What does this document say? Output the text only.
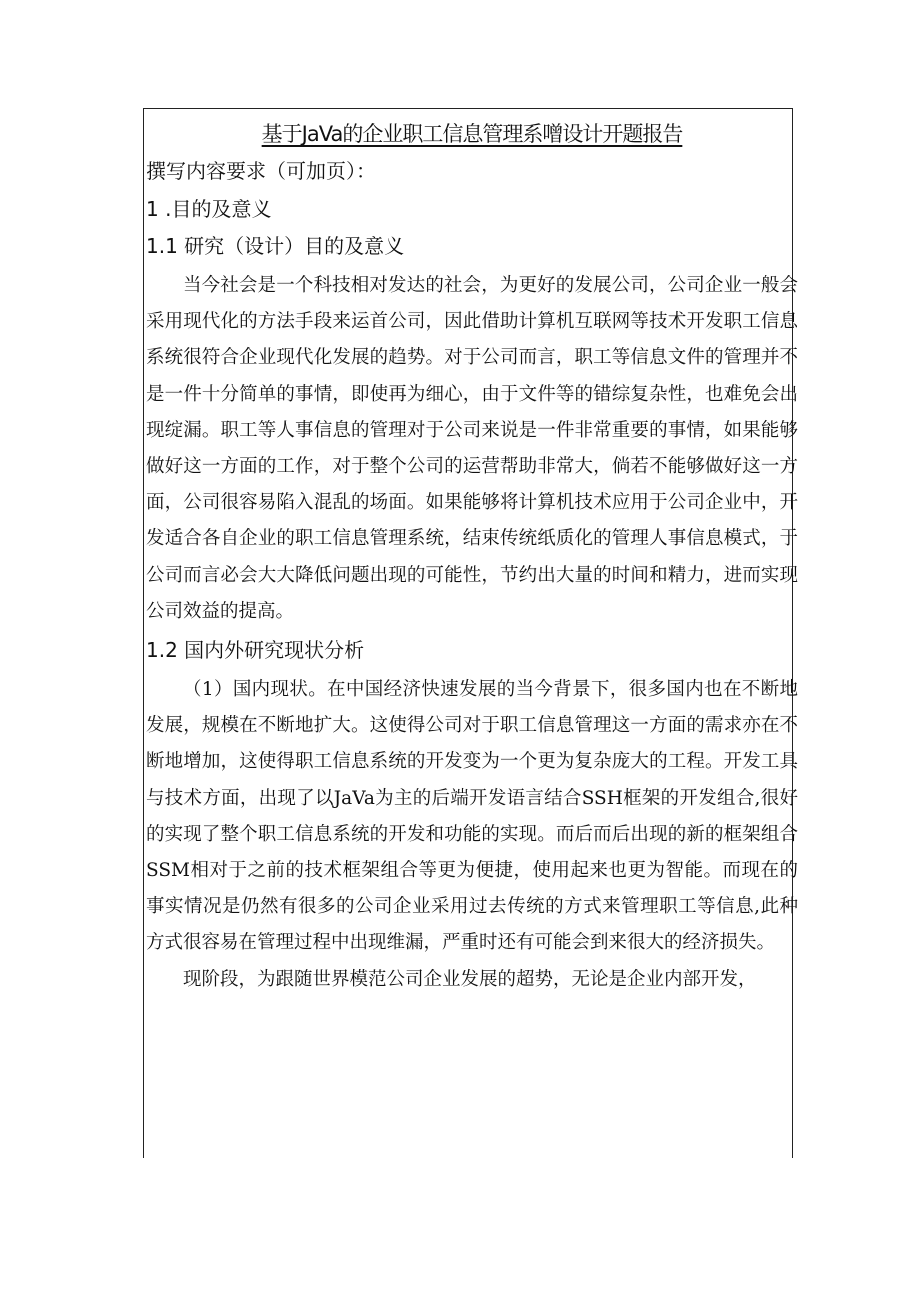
基于JaVa的企业职工信息管理系噌设计开题报告
撰写内容要求（可加页）：
1 .目的及意义
1.1 研究（设计）目的及意义

当今社会是一个科技相对发达的社会，为更好的发展公司，公司企业一般会采用现代化的方法手段来运首公司，因此借助计算机互联网等技术开发职工信息系统很符合企业现代化发展的趋势。对于公司而言，职工等信息文件的管理并不是一件十分简单的事情，即使再为细心，由于文件等的错综复杂性，也难免会出现绽漏。职工等人事信息的管理对于公司来说是一件非常重要的事情，如果能够做好这一方面的工作，对于整个公司的运营帮助非常大，倘若不能够做好这一方面，公司很容易陷入混乱的场面。如果能够将计算机技术应用于公司企业中，开发适合各自企业的职工信息管理系统，结束传统纸质化的管理人事信息模式，于公司而言必会大大降低问题出现的可能性，节约出大量的时间和精力，进而实现公司效益的提高。

1.2 国内外研究现状分析

（1）国内现状。在中国经济快速发展的当今背景下，很多国内也在不断地发展，规模在不断地扩大。这使得公司对于职工信息管理这一方面的需求亦在不断地增加，这使得职工信息系统的开发变为一个更为复杂庞大的工程。开发工具与技术方面，出现了以JaVa为主的后端开发语言结合SSH框架的开发组合,很好的实现了整个职工信息系统的开发和功能的实现。而后而后出现的新的框架组合SSM相对于之前的技术框架组合等更为便捷，使用起来也更为智能。而现在的事实情况是仍然有很多的公司企业采用过去传统的方式来管理职工等信息,此种方式很容易在管理过程中出现维漏，严重时还有可能会到来很大的经济损失。

现阶段，为跟随世界模范公司企业发展的超势，无论是企业内部开发，
